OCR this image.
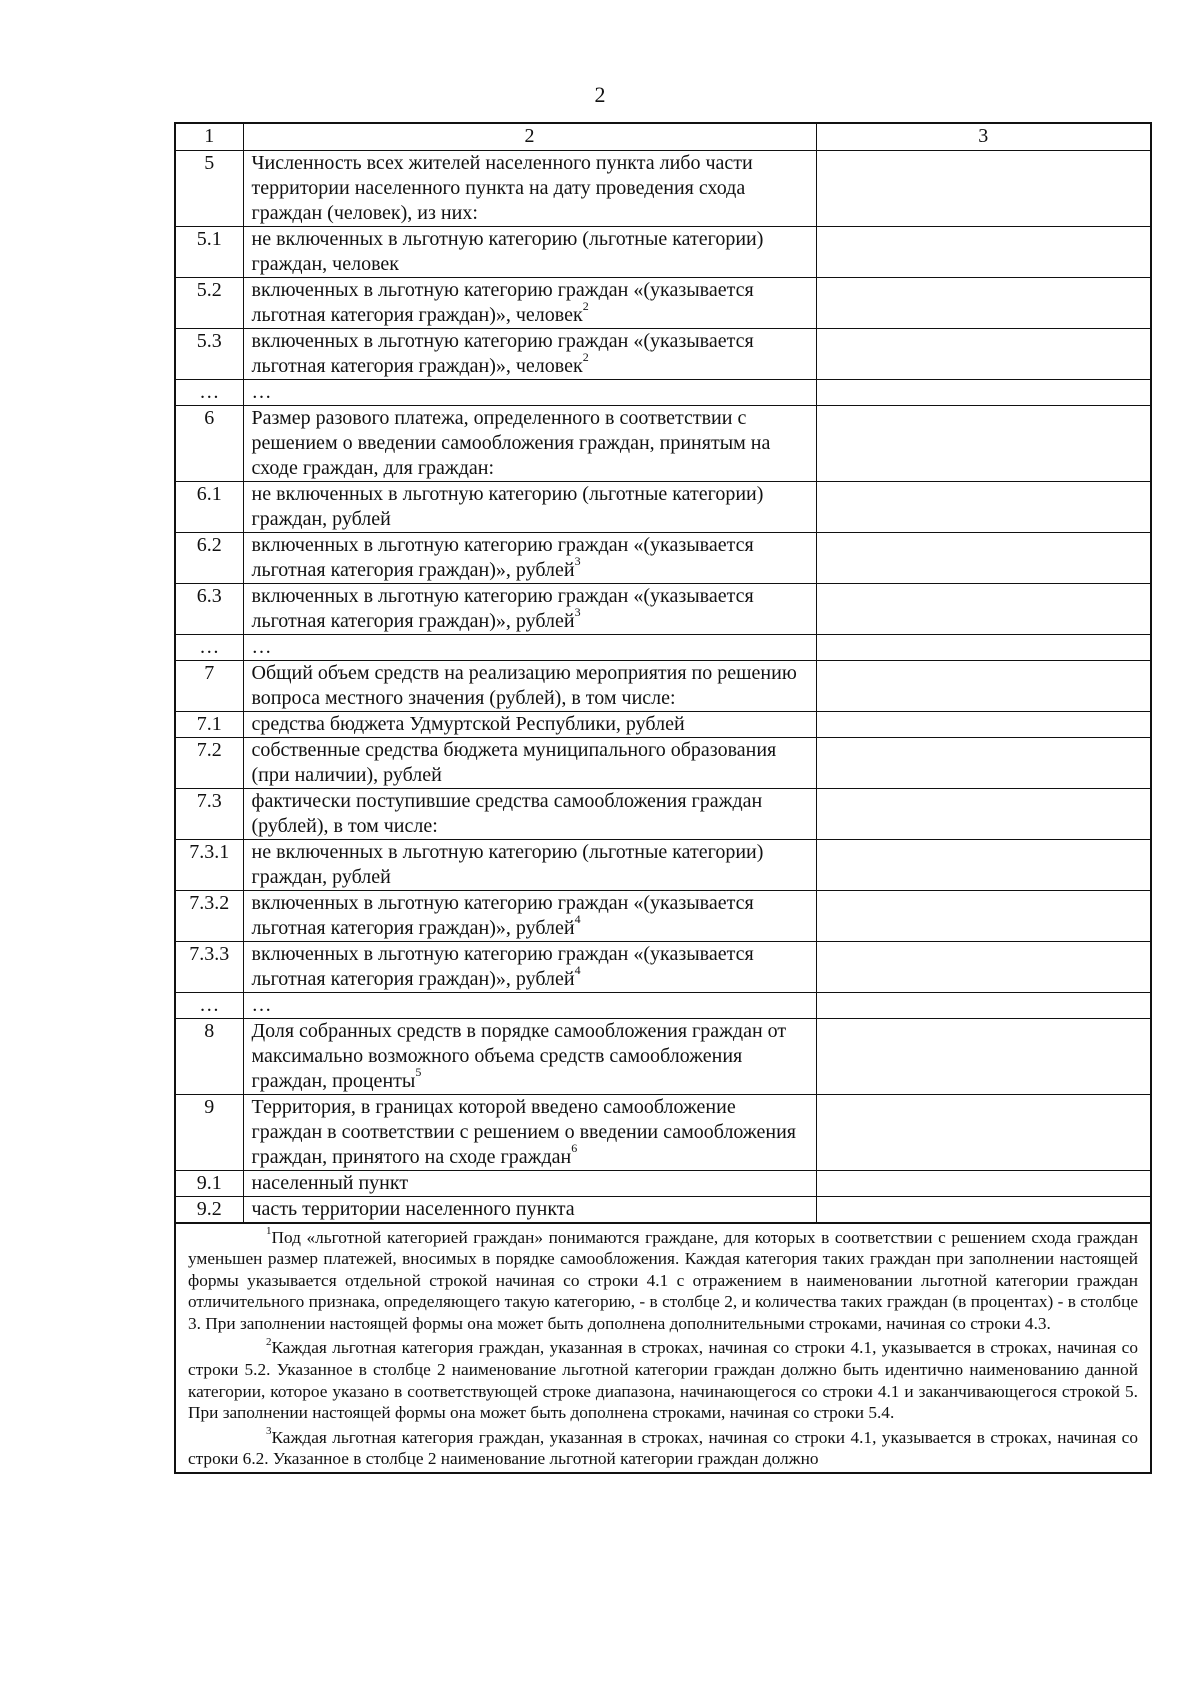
2
1	2	3
5	Численность всех жителей населенного пункта либо части территории населенного пункта на дату проведения схода граждан (человек), из них:	
5.1	не включенных в льготную категорию (льготные категории) граждан, человек	
5.2	включенных в льготную категорию граждан «(указывается льготная категория граждан)», человек$^2$	
5.3	включенных в льготную категорию граждан «(указывается льготная категория граждан)», человек$^2$	
…	…	
6	Размер разового платежа, определенного в соответствии с решением о введении самообложения граждан, принятым на сходе граждан, для граждан:	
6.1	не включенных в льготную категорию (льготные категории) граждан, рублей	
6.2	включенных в льготную категорию граждан «(указывается льготная категория граждан)», рублей$^3$	
6.3	включенных в льготную категорию граждан «(указывается льготная категория граждан)», рублей$^3$	
…	…	
7	Общий объем средств на реализацию мероприятия по решению вопроса местного значения (рублей), в том числе:	
7.1	средства бюджета Удмуртской Республики, рублей	
7.2	собственные средства бюджета муниципального образования (при наличии), рублей	
7.3	фактически поступившие средства самообложения граждан (рублей), в том числе:	
7.3.1	не включенных в льготную категорию (льготные категории) граждан, рублей	
7.3.2	включенных в льготную категорию граждан «(указывается льготная категория граждан)», рублей$^4$	
7.3.3	включенных в льготную категорию граждан «(указывается льготная категория граждан)», рублей$^4$	
…	…	
8	Доля собранных средств в порядке самообложения граждан от максимально возможного объема средств самообложения граждан, проценты$^5$	
9	Территория, в границах которой введено самообложение граждан в соответствии с решением о введении самообложения граждан, принятого на сходе граждан$^6$	
9.1	населенный пункт	
9.2	часть территории населенного пункта	

$^1$Под «льготной категорией граждан» понимаются граждане, для которых в соответствии с решением схода граждан уменьшен размер платежей, вносимых в порядке самообложения. Каждая категория таких граждан при заполнении настоящей формы указывается отдельной строкой начиная со строки 4.1 с отражением в наименовании льготной категории граждан отличительного признака, определяющего такую категорию, - в столбце 2, и количества таких граждан (в процентах) - в столбце 3. При заполнении настоящей формы она может быть дополнена дополнительными строками, начиная со строки 4.3.

$^2$Каждая льготная категория граждан, указанная в строках, начиная со строки 4.1, указывается в строках, начиная со строки 5.2. Указанное в столбце 2 наименование льготной категории граждан должно быть идентично наименованию данной категории, которое указано в соответствующей строке диапазона, начинающегося со строки 4.1 и заканчивающегося строкой 5. При заполнении настоящей формы она может быть дополнена строками, начиная со строки 5.4.

$^3$Каждая льготная категория граждан, указанная в строках, начиная со строки 4.1, указывается в строках, начиная со строки 6.2. Указанное в столбце 2 наименование льготной категории граждан должно
